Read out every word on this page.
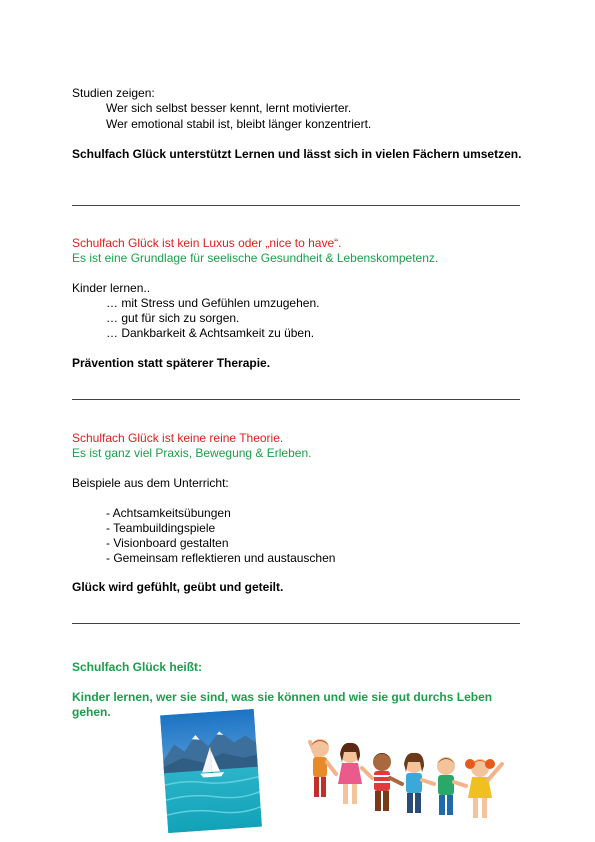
Studien zeigen:
Wer sich selbst besser kennt, lernt motivierter.
Wer emotional stabil ist, bleibt länger konzentriert.
Schulfach Glück unterstützt Lernen und lässt sich in vielen Fächern umsetzen.
Schulfach Glück ist kein Luxus oder „nice to have“.
Es ist eine Grundlage für seelische Gesundheit & Lebenskompetenz.
Kinder lernen..
… mit Stress und Gefühlen umzugehen.
… gut für sich zu sorgen.
… Dankbarkeit & Achtsamkeit zu üben.
Prävention statt späterer Therapie.
Schulfach Glück ist keine reine Theorie.
Es ist ganz viel Praxis, Bewegung & Erleben.
Beispiele aus dem Unterricht:
- Achtsamkeitsübungen
- Teambuildingspiele
- Visionboard gestalten
- Gemeinsam reflektieren und austauschen
Glück wird gefühlt, geübt und geteilt.
Schulfach Glück heißt:
Kinder lernen, wer sie sind, was sie können und wie sie gut durchs Leben gehen.
